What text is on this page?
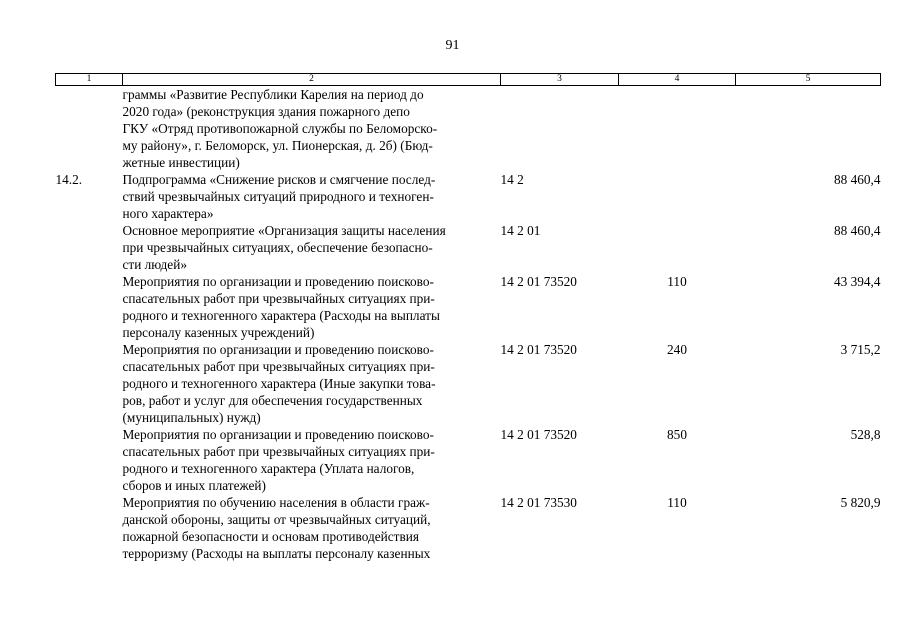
91
1	2	3	4	5

	граммы «Развитие Республики Карелия на период до
2020 года» (реконструкция здания пожарного депо
ГКУ «Отряд противопожарной службы по Беломорско-
му району», г. Беломорск, ул. Пионерская, д. 2б) (Бюд-
жетные инвестиции)			

14.2.	Подпрограмма «Снижение рисков и смягчение послед-
ствий чрезвычайных ситуаций природного и техноген-
ного характера»	14 2		88 460,4

	Основное мероприятие «Организация защиты населения
при чрезвычайных ситуациях, обеспечение безопасно-
сти людей»	14 2 01		88 460,4

	Мероприятия по организации и проведению поисково-
спасательных работ при чрезвычайных ситуациях при-
родного и техногенного характера (Расходы на выплаты
персоналу казенных учреждений)	14 2 01 73520	110	43 394,4

	Мероприятия по организации и проведению поисково-
спасательных работ при чрезвычайных ситуациях при-
родного и техногенного характера (Иные закупки това-
ров, работ и услуг для обеспечения государственных
(муниципальных) нужд)	14 2 01 73520	240	3 715,2

	Мероприятия по организации и проведению поисково-
спасательных работ при чрезвычайных ситуациях при-
родного и техногенного характера (Уплата налогов,
сборов и иных платежей)	14 2 01 73520	850	528,8

	Мероприятия по обучению населения в области граж-
данской обороны, защиты от чрезвычайных ситуаций,
пожарной безопасности и основам противодействия
терроризму (Расходы на выплаты персоналу казенных	14 2 01 73530	110	5 820,9
